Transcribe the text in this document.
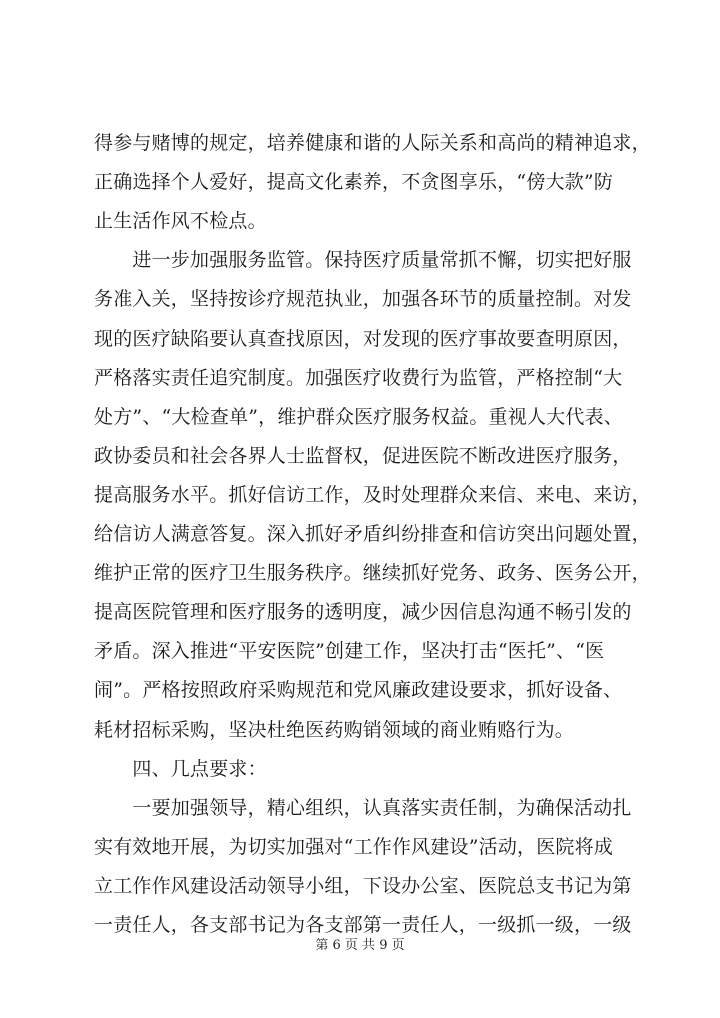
得参与赌博的规定，培养健康和谐的人际关系和高尚的精神追求，
正确选择个人爱好，提高文化素养，不贪图享乐，“傍大款”防
止生活作风不检点。
　　进一步加强服务监管。保持医疗质量常抓不懈，切实把好服
务准入关，坚持按诊疗规范执业，加强各环节的质量控制。对发
现的医疗缺陷要认真查找原因，对发现的医疗事故要查明原因，
严格落实责任追究制度。加强医疗收费行为监管，严格控制“大
处方”、“大检查单”，维护群众医疗服务权益。重视人大代表、
政协委员和社会各界人士监督权，促进医院不断改进医疗服务，
提高服务水平。抓好信访工作，及时处理群众来信、来电、来访，
给信访人满意答复。深入抓好矛盾纠纷排查和信访突出问题处置，
维护正常的医疗卫生服务秩序。继续抓好党务、政务、医务公开，
提高医院管理和医疗服务的透明度，减少因信息沟通不畅引发的
矛盾。深入推进“平安医院”创建工作，坚决打击“医托”、“医
闹”。严格按照政府采购规范和党风廉政建设要求，抓好设备、
耗材招标采购，坚决杜绝医药购销领域的商业贿赂行为。
　　四、几点要求：
　　一要加强领导，精心组织，认真落实责任制，为确保活动扎
实有效地开展，为切实加强对“工作作风建设”活动，医院将成
立工作作风建设活动领导小组，下设办公室、医院总支书记为第
一责任人，各支部书记为各支部第一责任人，一级抓一级，一级
第 6 页 共 9 页
